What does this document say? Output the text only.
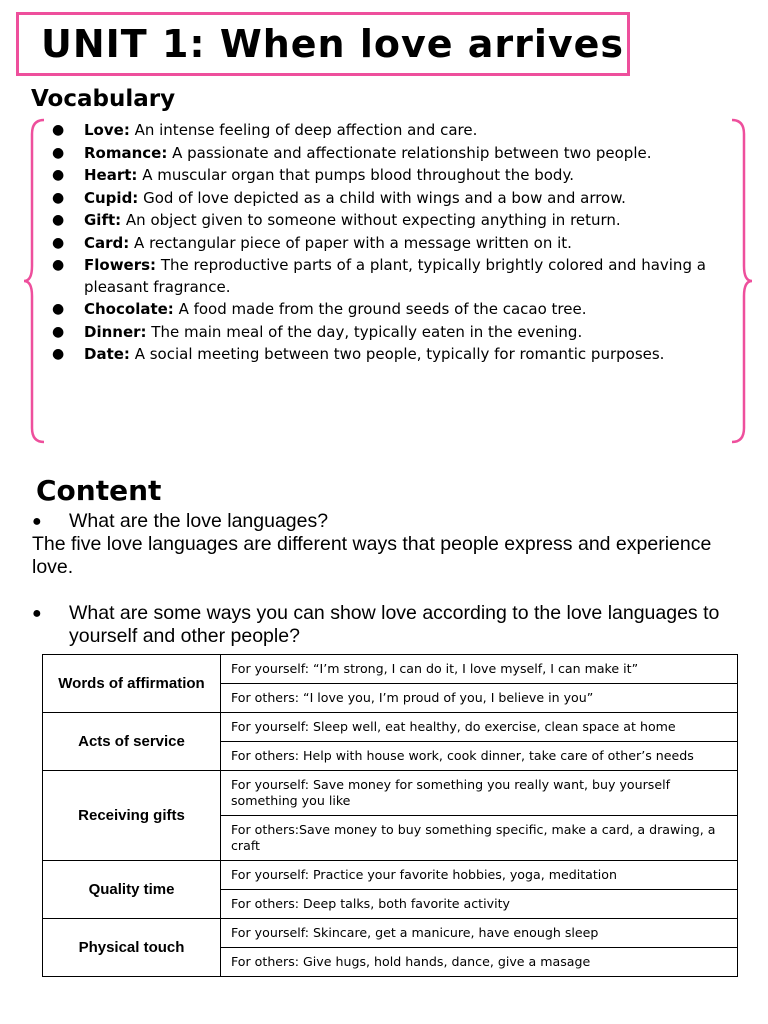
UNIT 1: When love arrives
Vocabulary
● Love: An intense feeling of deep affection and care.
● Romance: A passionate and affectionate relationship between two people.
● Heart: A muscular organ that pumps blood throughout the body.
● Cupid: God of love depicted as a child with wings and a bow and arrow.
● Gift: An object given to someone without expecting anything in return.
● Card: A rectangular piece of paper with a message written on it.
● Flowers: The reproductive parts of a plant, typically brightly colored and having a pleasant fragrance.
● Chocolate: A food made from the ground seeds of the cacao tree.
● Dinner: The main meal of the day, typically eaten in the evening.
● Date: A social meeting between two people, typically for romantic purposes.
Content
● What are the love languages?
The five love languages are different ways that people express and experience love.
● What are some ways you can show love according to the love languages to yourself and other people?
Words of affirmation	For yourself: “I’m strong, I can do it, I love myself, I can make it”
	For others: “I love you, I’m proud of you, I believe in you”
Acts of service	For yourself: Sleep well, eat healthy, do exercise, clean space at home
	For others: Help with house work, cook dinner, take care of other’s needs
Receiving gifts	For yourself: Save money for something you really want, buy yourself something you like
	For others:Save money to buy something specific, make a card, a drawing, a craft
Quality time	For yourself: Practice your favorite hobbies, yoga, meditation
	For others: Deep talks, both favorite activity
Physical touch	For yourself: Skincare, get a manicure, have enough sleep
	For others: Give hugs, hold hands, dance, give a masage
